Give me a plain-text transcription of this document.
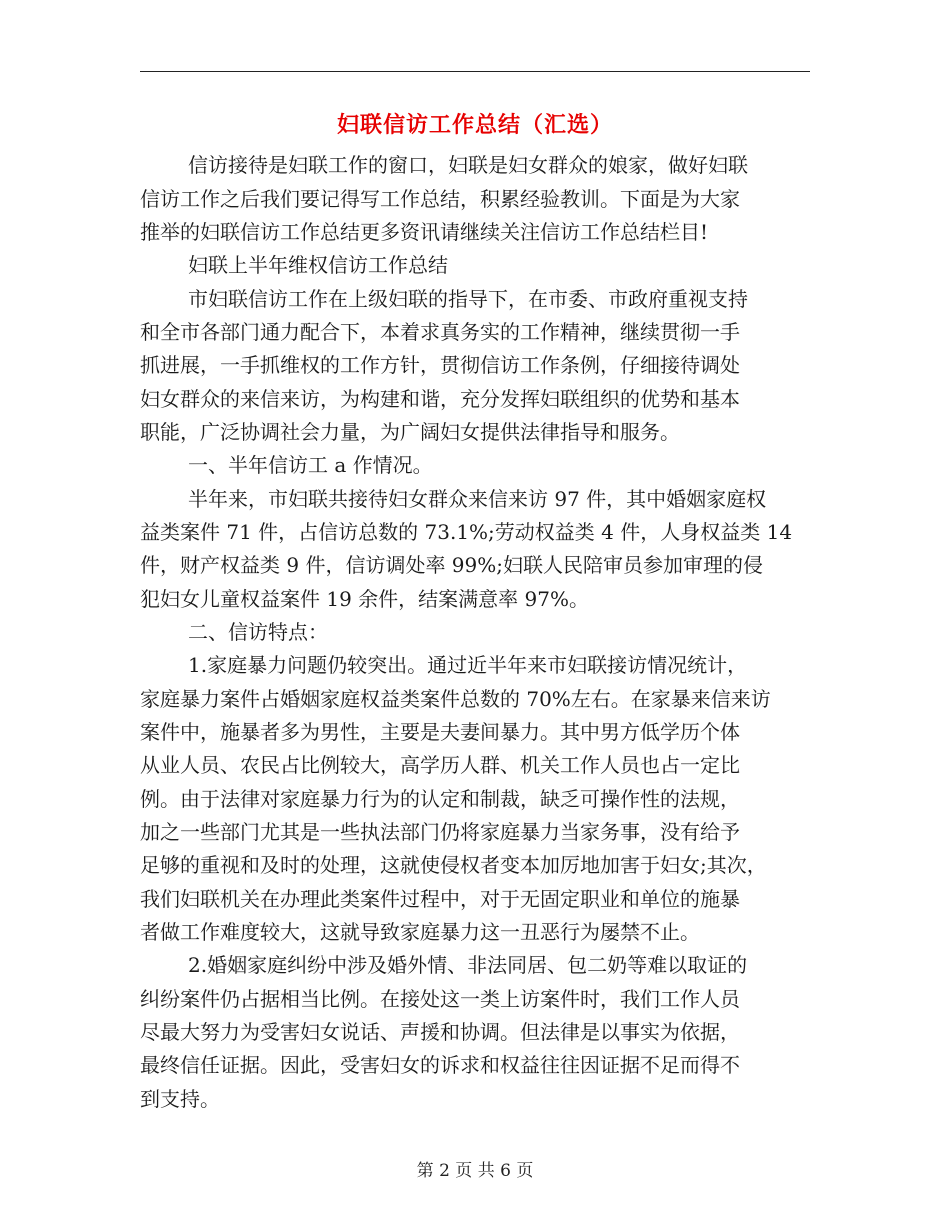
妇联信访工作总结（汇选）
信访接待是妇联工作的窗口，妇联是妇女群众的娘家，做好妇联
信访工作之后我们要记得写工作总结，积累经验教训。下面是为大家
推举的妇联信访工作总结更多资讯请继续关注信访工作总结栏目!
妇联上半年维权信访工作总结
市妇联信访工作在上级妇联的指导下，在市委、市政府重视支持
和全市各部门通力配合下，本着求真务实的工作精神，继续贯彻一手
抓进展，一手抓维权的工作方针，贯彻信访工作条例，仔细接待调处
妇女群众的来信来访，为构建和谐，充分发挥妇联组织的优势和基本
职能，广泛协调社会力量，为广阔妇女提供法律指导和服务。
一、半年信访工 a 作情况。
半年来，市妇联共接待妇女群众来信来访 97 件，其中婚姻家庭权
益类案件 71 件，占信访总数的 73.1%;劳动权益类 4 件，人身权益类 14
件，财产权益类 9 件，信访调处率 99%;妇联人民陪审员参加审理的侵
犯妇女儿童权益案件 19 余件，结案满意率 97%。
二、信访特点：
1.家庭暴力问题仍较突出。通过近半年来市妇联接访情况统计，
家庭暴力案件占婚姻家庭权益类案件总数的 70%左右。在家暴来信来访
案件中，施暴者多为男性，主要是夫妻间暴力。其中男方低学历个体
从业人员、农民占比例较大，高学历人群、机关工作人员也占一定比
例。由于法律对家庭暴力行为的认定和制裁，缺乏可操作性的法规，
加之一些部门尤其是一些执法部门仍将家庭暴力当家务事，没有给予
足够的重视和及时的处理，这就使侵权者变本加厉地加害于妇女;其次，
我们妇联机关在办理此类案件过程中，对于无固定职业和单位的施暴
者做工作难度较大，这就导致家庭暴力这一丑恶行为屡禁不止。
2.婚姻家庭纠纷中涉及婚外情、非法同居、包二奶等难以取证的
纠纷案件仍占据相当比例。在接处这一类上访案件时，我们工作人员
尽最大努力为受害妇女说话、声援和协调。但法律是以事实为依据，
最终信任证据。因此，受害妇女的诉求和权益往往因证据不足而得不
到支持。
第 2 页 共 6 页
